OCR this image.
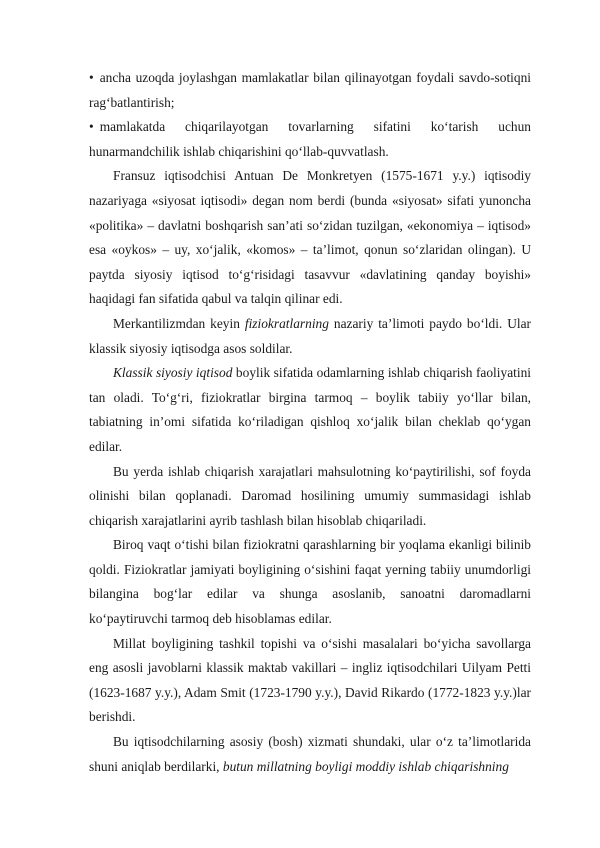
• ancha uzoqda joylashgan mamlakatlar bilan qilinayotgan foydali savdo-sotiqni rag‘batlantirish;

• mamlakatda chiqarilayotgan tovarlarning sifatini ko‘tarish uchun hunarmandchilik ishlab chiqarishini qo‘llab-quvvatlash.

Fransuz iqtisodchisi Antuan De Monkretyen (1575-1671 y.y.) iqtisodiy nazariyaga «siyosat iqtisodi» degan nom berdi (bunda «siyosat» sifati yunoncha «politika» – davlatni boshqarish san’ati so‘zidan tuzilgan, «ekonomiya – iqtisod» esa «oykos» – uy, xo‘jalik, «komos» – ta’limot, qonun so‘zlaridan olingan). U paytda siyosiy iqtisod to‘g‘risidagi tasavvur «davlatining qanday boyishi» haqidagi fan sifatida qabul va talqin qilinar edi.

Merkantilizmdan keyin fiziokratlarning nazariy ta’limoti paydo bo‘ldi. Ular klassik siyosiy iqtisodga asos soldilar.

Klassik siyosiy iqtisod boylik sifatida odamlarning ishlab chiqarish faoliyatini tan oladi. To‘g‘ri, fiziokratlar birgina tarmoq – boylik tabiiy yo‘llar bilan, tabiatning in’omi sifatida ko‘riladigan qishloq xo‘jalik bilan cheklab qo‘ygan edilar.

Bu yerda ishlab chiqarish xarajatlari mahsulotning ko‘paytirilishi, sof foyda olinishi bilan qoplanadi. Daromad hosilining umumiy summasidagi ishlab chiqarish xarajatlarini ayrib tashlash bilan hisoblab chiqariladi.

Biroq vaqt o‘tishi bilan fiziokratni qarashlarning bir yoqlama ekanligi bilinib qoldi. Fiziokratlar jamiyati boyligining o‘sishini faqat yerning tabiiy unumdorligi bilangina bog‘lar edilar va shunga asoslanib, sanoatni daromadlarni ko‘paytiruvchi tarmoq deb hisoblamas edilar.

Millat boyligining tashkil topishi va o‘sishi masalalari bo‘yicha savollarga eng asosli javoblarni klassik maktab vakillari – ingliz iqtisodchilari Uilyam Petti (1623-1687 y.y.), Adam Smit (1723-1790 y.y.), David Rikardo (1772-1823 y.y.)lar berishdi.

Bu iqtisodchilarning asosiy (bosh) xizmati shundaki, ular o‘z ta’limotlarida shuni aniqlab berdilarki, butun millatning boyligi moddiy ishlab chiqarishning
